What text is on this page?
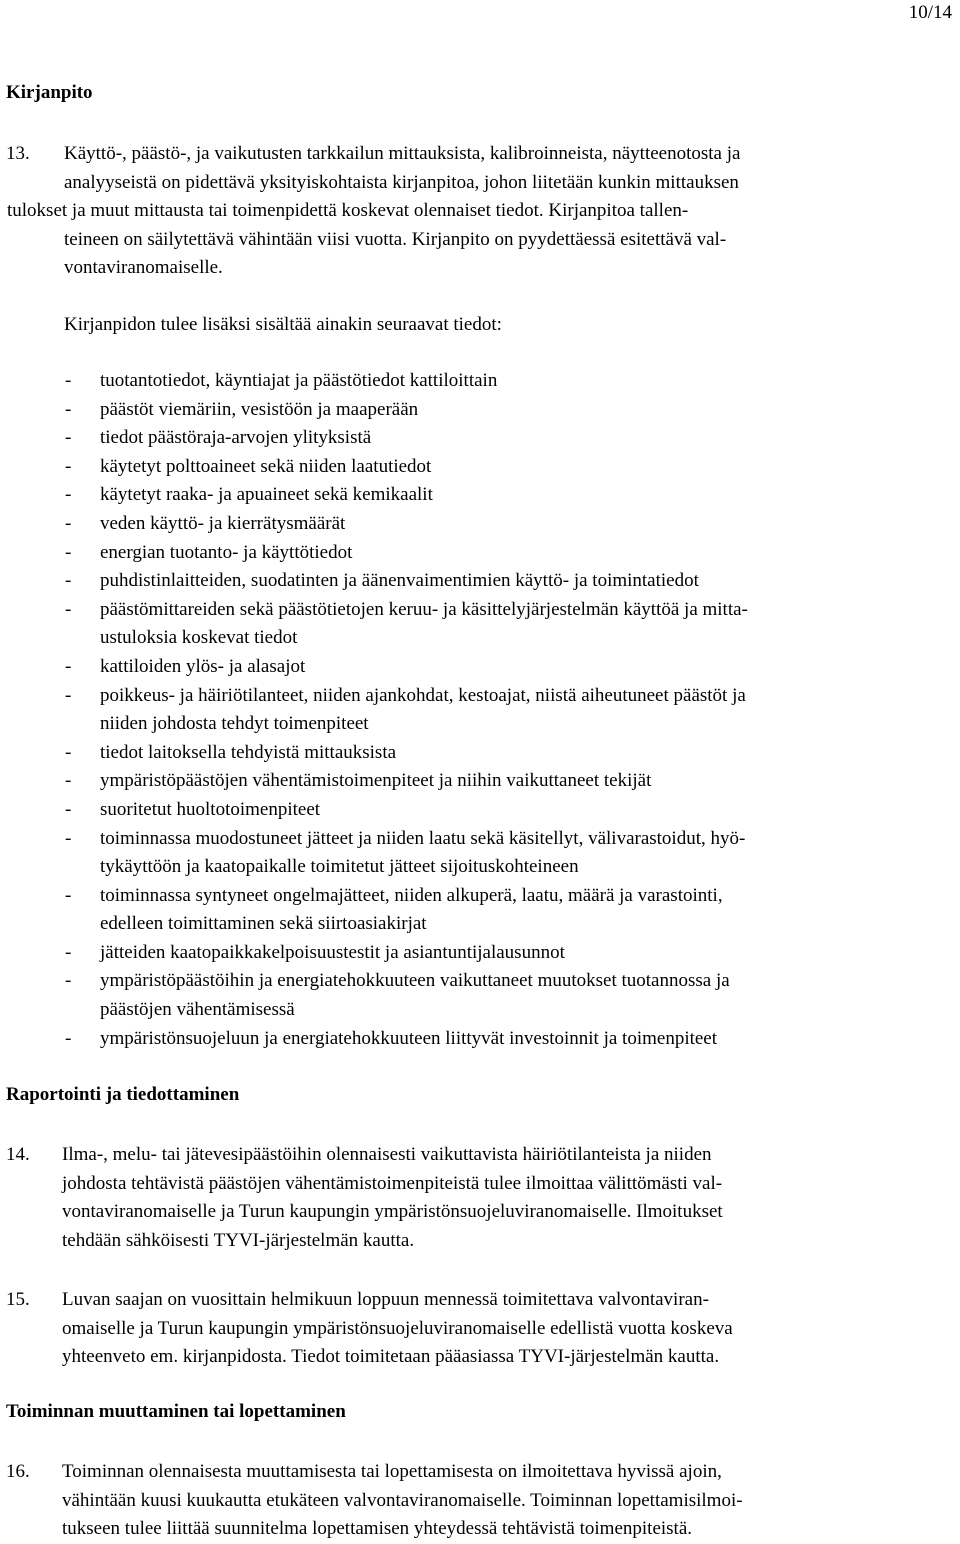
10/14
Kirjanpito
13. Käyttö-, päästö-, ja vaikutusten tarkkailun mittauksista, kalibroinneista, näytteenotosta ja
analyyseistä on pidettävä yksityiskohtaista kirjanpitoa, johon liitetään kunkin mittauksen
tulokset ja muut mittausta tai toimenpidettä koskevat olennaiset tiedot. Kirjanpitoa tallen-
teineen on säilytettävä vähintään viisi vuotta. Kirjanpito on pyydettäessä esitettävä val-
vontaviranomaiselle.
Kirjanpidon tulee lisäksi sisältää ainakin seuraavat tiedot:
- tuotantotiedot, käyntiajat ja päästötiedot kattiloittain
- päästöt viemäriin, vesistöön ja maaperään
- tiedot päästöraja-arvojen ylityksistä
- käytetyt polttoaineet sekä niiden laatutiedot
- käytetyt raaka- ja apuaineet sekä kemikaalit
- veden käyttö- ja kierrätysmäärät
- energian tuotanto- ja käyttötiedot
- puhdistinlaitteiden, suodatinten ja äänenvaimentimien käyttö- ja toimintatiedot
- päästömittareiden sekä päästötietojen keruu- ja käsittelyjärjestelmän käyttöä ja mitta-
ustuloksia koskevat tiedot
- kattiloiden ylös- ja alasajot
- poikkeus- ja häiriötilanteet, niiden ajankohdat, kestoajat, niistä aiheutuneet päästöt ja
niiden johdosta tehdyt toimenpiteet
- tiedot laitoksella tehdyistä mittauksista
- ympäristöpäästöjen vähentämistoimenpiteet ja niihin vaikuttaneet tekijät
- suoritetut huoltotoimenpiteet
- toiminnassa muodostuneet jätteet ja niiden laatu sekä käsitellyt, välivarastoidut, hyö-
tykäyttöön ja kaatopaikalle toimitetut jätteet sijoituskohteineen
- toiminnassa syntyneet ongelmajätteet, niiden alkuperä, laatu, määrä ja varastointi,
edelleen toimittaminen sekä siirtoasiakirjat
- jätteiden kaatopaikkakelpoisuustestit ja asiantuntijalausunnot
- ympäristöpäästöihin ja energiatehokkuuteen vaikuttaneet muutokset tuotannossa ja
päästöjen vähentämisessä
- ympäristönsuojeluun ja energiatehokkuuteen liittyvät investoinnit ja toimenpiteet
Raportointi ja tiedottaminen
14. Ilma-, melu- tai jätevesipäästöihin olennaisesti vaikuttavista häiriötilanteista ja niiden
johdosta tehtävistä päästöjen vähentämistoimenpiteistä tulee ilmoittaa välittömästi val-
vontaviranomaiselle ja Turun kaupungin ympäristönsuojeluviranomaiselle. Ilmoitukset
tehdään sähköisesti TYVI-järjestelmän kautta.
15. Luvan saajan on vuosittain helmikuun loppuun mennessä toimitettava valvontaviran-
omaiselle ja Turun kaupungin ympäristönsuojeluviranomaiselle edellistä vuotta koskeva
yhteenveto em. kirjanpidosta. Tiedot toimitetaan pääasiassa TYVI-järjestelmän kautta.
Toiminnan muuttaminen tai lopettaminen
16. Toiminnan olennaisesta muuttamisesta tai lopettamisesta on ilmoitettava hyvissä ajoin,
vähintään kuusi kuukautta etukäteen valvontaviranomaiselle. Toiminnan lopettamisilmoi-
tukseen tulee liittää suunnitelma lopettamisen yhteydessä tehtävistä toimenpiteistä.
